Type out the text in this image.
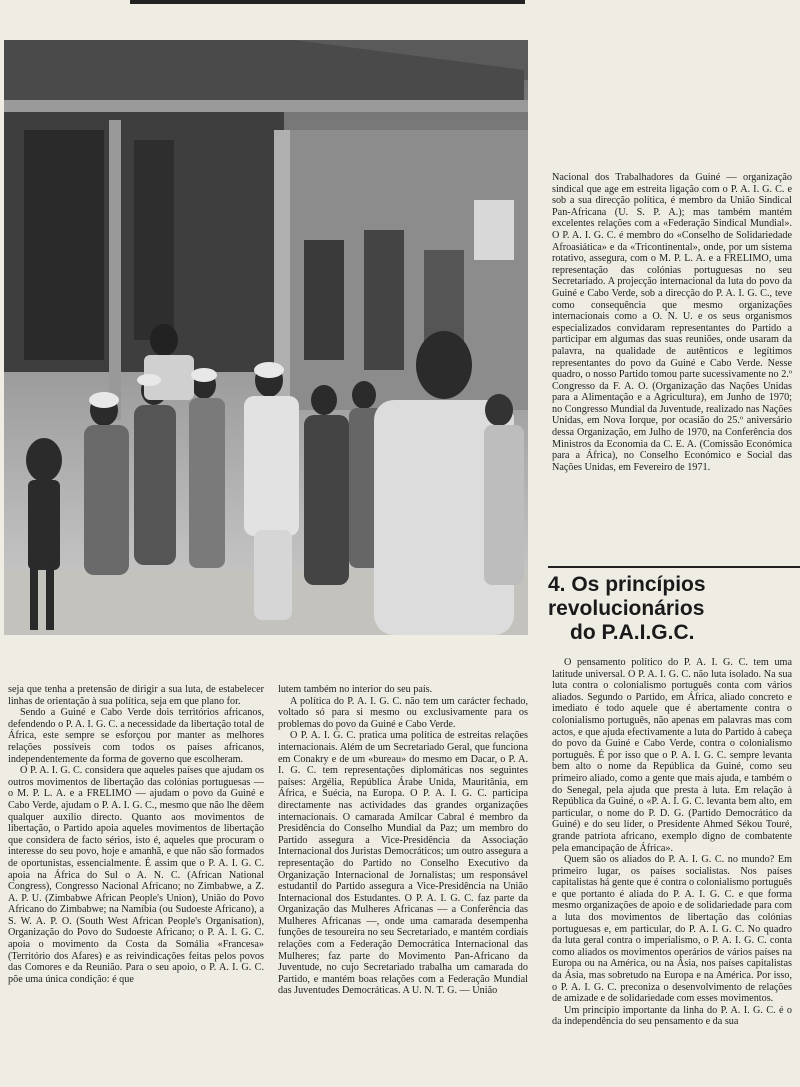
Nacional dos Trabalhadores da Guiné — organização sindical que age em estreita ligação com o P. A. I. G. C. e sob a sua direcção política, é membro da União Sindical Pan-Africana (U. S. P. A.); mas também mantém excelentes relações com a «Federação Sindical Mundial». O P. A. I. G. C. é membro do «Conselho de Solidariedade Afroasiática» e da «Tricontinental», onde, por um sistema rotativo, assegura, com o M. P. L. A. e a FRELIMO, uma representação das colónias portuguesas no seu Secretariado. A projecção internacional da luta do povo da Guiné e Cabo Verde, sob a direcção do P. A. I. G. C., teve como consequência que mesmo organizações internacionais como a O. N. U. e os seus organismos especializados convidaram representantes do Partido a participar em algumas das suas reuniões, onde usaram da palavra, na qualidade de autênticos e legítimos representantes do povo da Guiné e Cabo Verde. Nesse quadro, o nosso Partido tomou parte sucessivamente no 2.º Congresso da F. A. O. (Organização das Nações Unidas para a Alimentação e a Agricultura), em Junho de 1970; no Congresso Mundial da Juventude, realizado nas Nações Unidas, em Nova Iorque, por ocasião do 25.º aniversário dessa Organização, em Julho de 1970, na Conferência dos Ministros da Economia da C. E. A. (Comissão Económica para a África), no Conselho Económico e Social das Nações Unidas, em Fevereiro de 1971.

4. Os princípios revolucionários
do P.A.I.G.C.

O pensamento político do P. A. I. G. C. tem uma latitude universal. O P. A. I. G. C. não luta isolado. Na sua luta contra o colonialismo português conta com vários aliados. Segundo o Partido, em África, aliado concreto e imediato é todo aquele que é abertamente contra o colonialismo português, não apenas em palavras mas com actos, e que ajuda efectivamente a luta do Partido à cabeça do povo da Guiné e Cabo Verde, contra o colonialismo português. É por isso que o P. A. I. G. C. sempre levanta bem alto o nome da República da Guiné, como seu primeiro aliado, como a gente que mais ajuda, e também o do Senegal, pela ajuda que presta à luta. Em relação à República da Guiné, o «P. A. I. G. C. levanta bem alto, em particular, o nome do P. D. G. (Partido Democrático da Guiné) e do seu líder, o Presidente Ahmed Sékou Touré, grande patriota africano, exemplo digno de combatente pela emancipação de África».

Quem são os aliados do P. A. I. G. C. no mundo? Em primeiro lugar, os países socialistas. Nos países capitalistas há gente que é contra o colonialismo português e que portanto é aliada do P. A. I. G. C. e que forma mesmo organizações de apoio e de solidariedade para com a luta dos movimentos de libertação das colónias portuguesas e, em particular, do P. A. I. G. C. No quadro da luta geral contra o imperialismo, o P. A. I. G. C. conta como aliados os movimentos operários de vários países na Europa ou na América, ou na Ásia, nos países capitalistas da Ásia, mas sobretudo na Europa e na América. Por isso, o P. A. I. G. C. preconiza o desenvolvimento de relações de amizade e de solidariedade com esses movimentos.

Um princípio importante da linha do P. A. I. G. C. é o da independência do seu pensamento e da sua

seja que tenha a pretensão de dirigir a sua luta, de estabelecer linhas de orientação à sua política, seja em que plano for.

Sendo a Guiné e Cabo Verde dois territórios africanos, defendendo o P. A. I. G. C. a necessidade da libertação total de África, este sempre se esforçou por manter as melhores relações possíveis com todos os países africanos, independentemente da forma de governo que escolheram.

O P. A. I. G. C. considera que aqueles países que ajudam os outros movimentos de libertação das colónias portuguesas — o M. P. L. A. e a FRELIMO — ajudam o povo da Guiné e Cabo Verde, ajudam o P. A. I. G. C., mesmo que não lhe dêem qualquer auxílio directo. Quanto aos movimentos de libertação, o Partido apoia aqueles movimentos de libertação que considera de facto sérios, isto é, aqueles que procuram o interesse do seu povo, hoje e amanhã, e que não são formados de oportunistas, essencialmente. É assim que o P. A. I. G. C. apoia na África do Sul o A. N. C. (African National Congress), Congresso Nacional Africano; no Zimbabwe, a Z. A. P. U. (Zimbabwe African People's Union), União do Povo Africano do Zimbabwe; na Namíbia (ou Sudoeste Africano), a S. W. A. P. O. (South West African People's Organisation), Organização do Povo do Sudoeste Africano; o P. A. I. G. C. apoia o movimento da Costa da Somália «Francesa» (Território dos Afares) e as reivindicações feitas pelos povos das Comores e da Reunião. Para o seu apoio, o P. A. I. G. C. põe uma única condição: é que

lutem também no interior do seu país.

A política do P. A. I. G. C. não tem um carácter fechado, voltado só para si mesmo ou exclusivamente para os problemas do povo da Guiné e Cabo Verde.

O P. A. I. G. C. pratica uma política de estreitas relações internacionais. Além de um Secretariado Geral, que funciona em Conakry e de um «bureau» do mesmo em Dacar, o P. A. I. G. C. tem representações diplomáticas nos seguintes países: Argélia, República Árabe Unida, Mauritânia, em África, e Suécia, na Europa. O P. A. I. G. C. participa directamente nas actividades das grandes organizações internacionais. O camarada Amílcar Cabral é membro da Presidência do Conselho Mundial da Paz; um membro do Partido assegura a Vice-Presidência da Associação Internacional dos Juristas Democráticos; um outro assegura a representação do Partido no Conselho Executivo da Organização Internacional de Jornalistas; um responsável estudantil do Partido assegura a Vice-Presidência na União Internacional dos Estudantes. O P. A. I. G. C. faz parte da Organização das Mulheres Africanas — a Conferência das Mulheres Africanas —, onde uma camarada desempenha funções de tesoureira no seu Secretariado, e mantém cordiais relações com a Federação Democrática Internacional das Mulheres; faz parte do Movimento Pan-Africano da Juventude, no cujo Secretariado trabalha um camarada do Partido, e mantém boas relações com a Federação Mundial das Juventudes Democráticas. A U. N. T. G. — União
